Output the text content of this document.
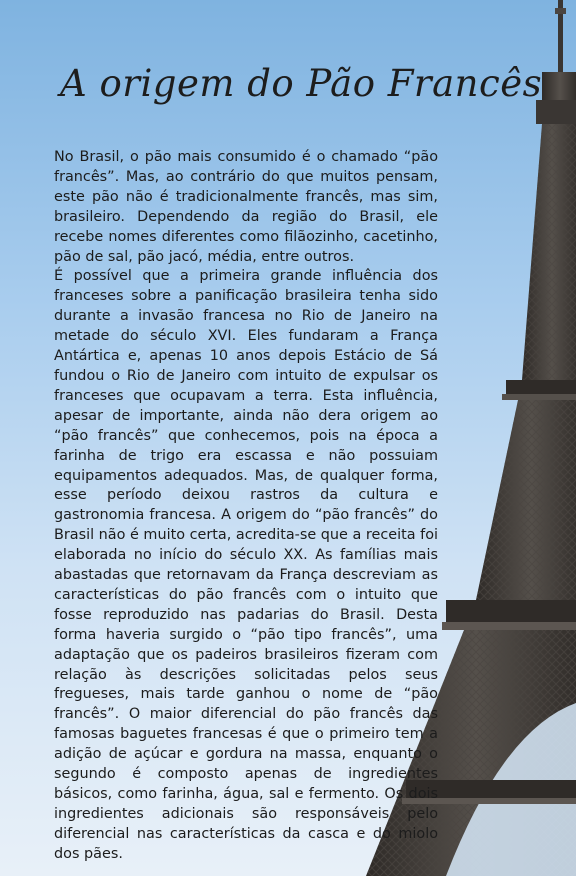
A origem do Pão Francês

No Brasil, o pão mais consumido é o chamado “pão francês”. Mas, ao contrário do que muitos pensam, este pão não é tradicionalmente francês, mas sim, brasileiro. Dependendo da região do Brasil, ele recebe nomes diferentes como filãozinho, cacetinho, pão de sal, pão jacó, média, entre outros.

É possível que a primeira grande influência dos franceses sobre a panificação brasileira tenha sido durante a invasão francesa no Rio de Janeiro na metade do século XVI. Eles fundaram a França Antártica e, apenas 10 anos depois Estácio de Sá fundou o Rio de Janeiro com intuito de expulsar os franceses que ocupavam a terra. Esta influência, apesar de importante, ainda não dera origem ao “pão francês” que conhecemos, pois na época a farinha de trigo era escassa e não possuiam equipamentos adequados. Mas, de qualquer forma, esse período deixou rastros da cultura e gastronomia francesa. A origem do “pão francês” do Brasil não é muito certa, acredita-se que a receita foi elaborada no início do século XX. As famílias mais abastadas que retornavam da França descreviam as características do pão francês com o intuito que fosse reproduzido nas padarias do Brasil. Desta forma haveria surgido o “pão tipo francês”, uma adaptação que os padeiros brasileiros fizeram com relação às descrições solicitadas pelos seus fregueses, mais tarde ganhou o nome de “pão francês”. O maior diferencial do pão francês das famosas baguetes francesas é que o primeiro tem a adição de açúcar e gordura na massa, enquanto o segundo é composto apenas de ingredientes básicos, como farinha, água, sal e fermento. Os dois ingredientes adicionais são responsáveis pelo diferencial nas características da casca e do miolo dos pães.
